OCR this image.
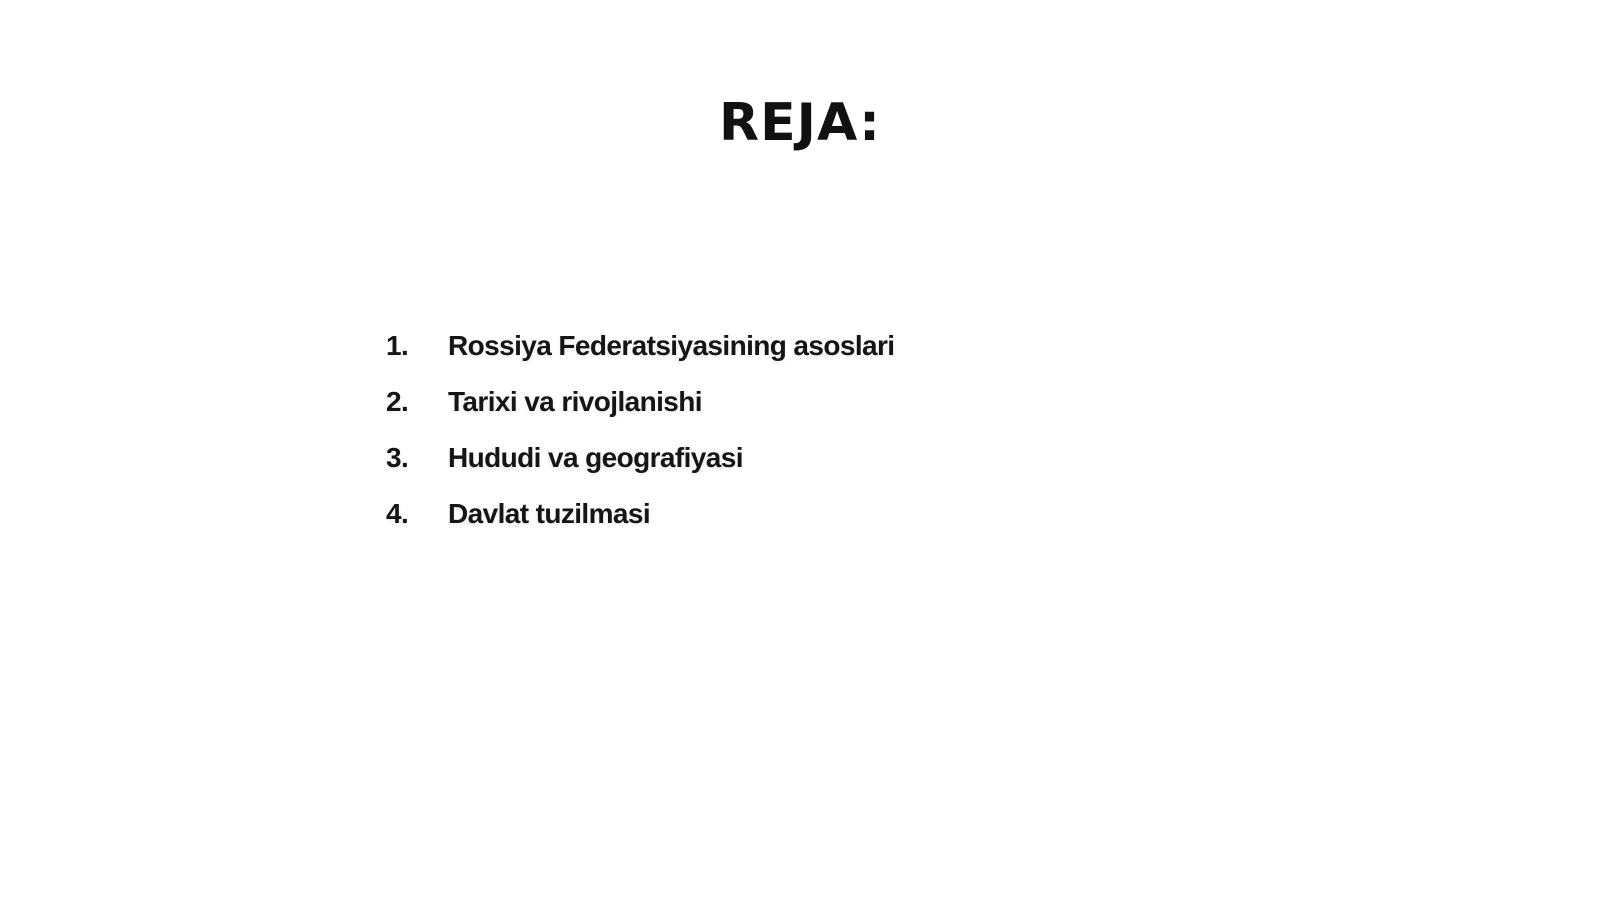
REJA:
1.	Rossiya Federatsiyasining asoslari
2.	Tarixi va rivojlanishi
3.	Hududi va geografiyasi
4.	Davlat tuzilmasi
